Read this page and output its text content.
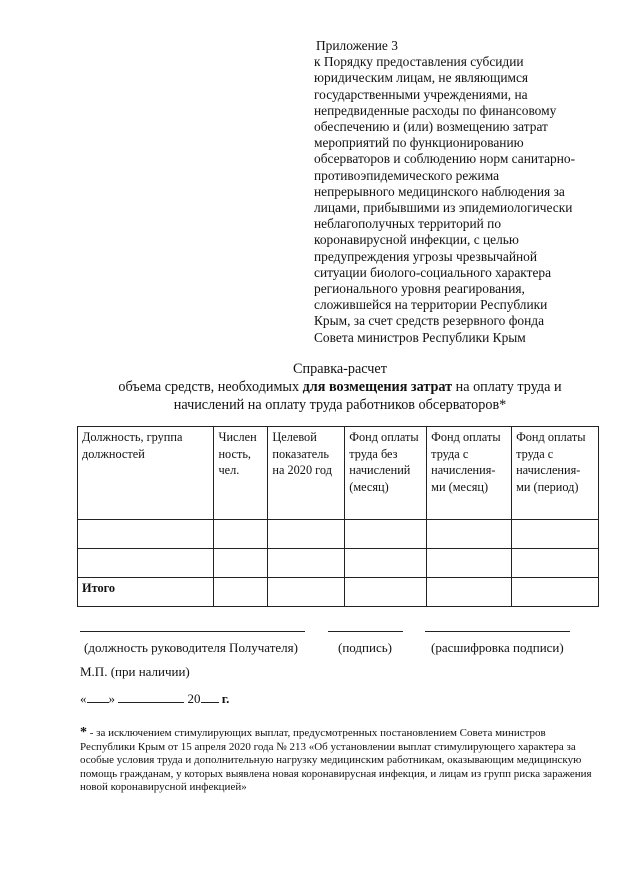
Приложение 3
к Порядку предоставления субсидии
юридическим лицам, не являющимся
государственными учреждениями, на
непредвиденные расходы по финансовому
обеспечению и (или) возмещению затрат
мероприятий по функционированию
обсерваторов и соблюдению норм санитарно-
противоэпидемического режима
непрерывного медицинского наблюдения за
лицами, прибывшими из эпидемиологически
неблагополучных территорий по
коронавирусной инфекции, с целью
предупреждения угрозы чрезвычайной
ситуации биолого-социального характера
регионального уровня реагирования,
сложившейся на территории Республики
Крым, за счет средств резервного фонда
Совета министров Республики Крым
Справка-расчет
объема средств, необходимых для возмещения затрат на оплату труда и
начислений на оплату труда работников обсерваторов*
Должность, группа должностей	Числен ность, чел.	Целевой показатель на 2020 год	Фонд оплаты труда без начислений (месяц)	Фонд оплаты труда с начисления-ми (месяц)	Фонд оплаты труда с начисления-ми (период)

Итого					
(должность руководителя Получателя)	(подпись)	(расшифровка подписи)
М.П. (при наличии)
« »	20 г.
* - за исключением стимулирующих выплат, предусмотренных постановлением Совета министров Республики Крым от 15 апреля 2020 года № 213 «Об установлении выплат стимулирующего характера за особые условия труда и дополнительную нагрузку медицинским работникам, оказывающим медицинскую помощь гражданам, у которых выявлена новая коронавирусная инфекция, и лицам из групп риска заражения новой коронавирусной инфекцией»
